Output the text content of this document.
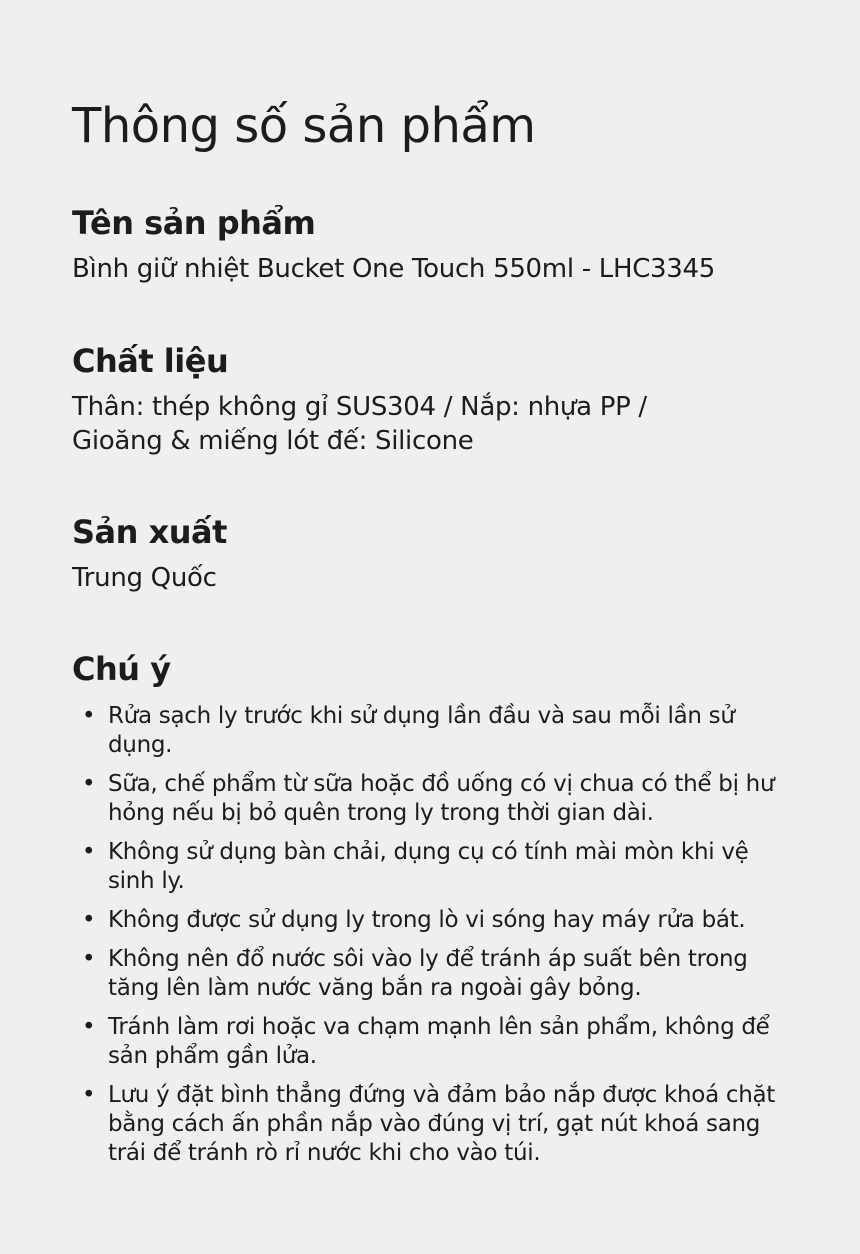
Thông số sản phẩm
Tên sản phẩm

Bình giữ nhiệt Bucket One Touch 550ml - LHC3345

Chất liệu

Thân: thép không gỉ SUS304 / Nắp: nhựa PP /
Gioăng & miếng lót đế: Silicone

Sản xuất

Trung Quốc

Chú ý
• Rửa sạch ly trước khi sử dụng lần đầu và sau mỗi lần sử dụng.
• Sữa, chế phẩm từ sữa hoặc đồ uống có vị chua có thể bị hư hỏng nếu bị bỏ quên trong ly trong thời gian dài.
• Không sử dụng bàn chải, dụng cụ có tính mài mòn khi vệ sinh ly.
• Không được sử dụng ly trong lò vi sóng hay máy rửa bát.
• Không nên đổ nước sôi vào ly để tránh áp suất bên trong tăng lên làm nước văng bắn ra ngoài gây bỏng.
• Tránh làm rơi hoặc va chạm mạnh lên sản phẩm, không để sản phẩm gần lửa.
• Lưu ý đặt bình thẳng đứng và đảm bảo nắp được khoá chặt bằng cách ấn phần nắp vào đúng vị trí, gạt nút khoá sang trái để tránh rò rỉ nước khi cho vào túi.
